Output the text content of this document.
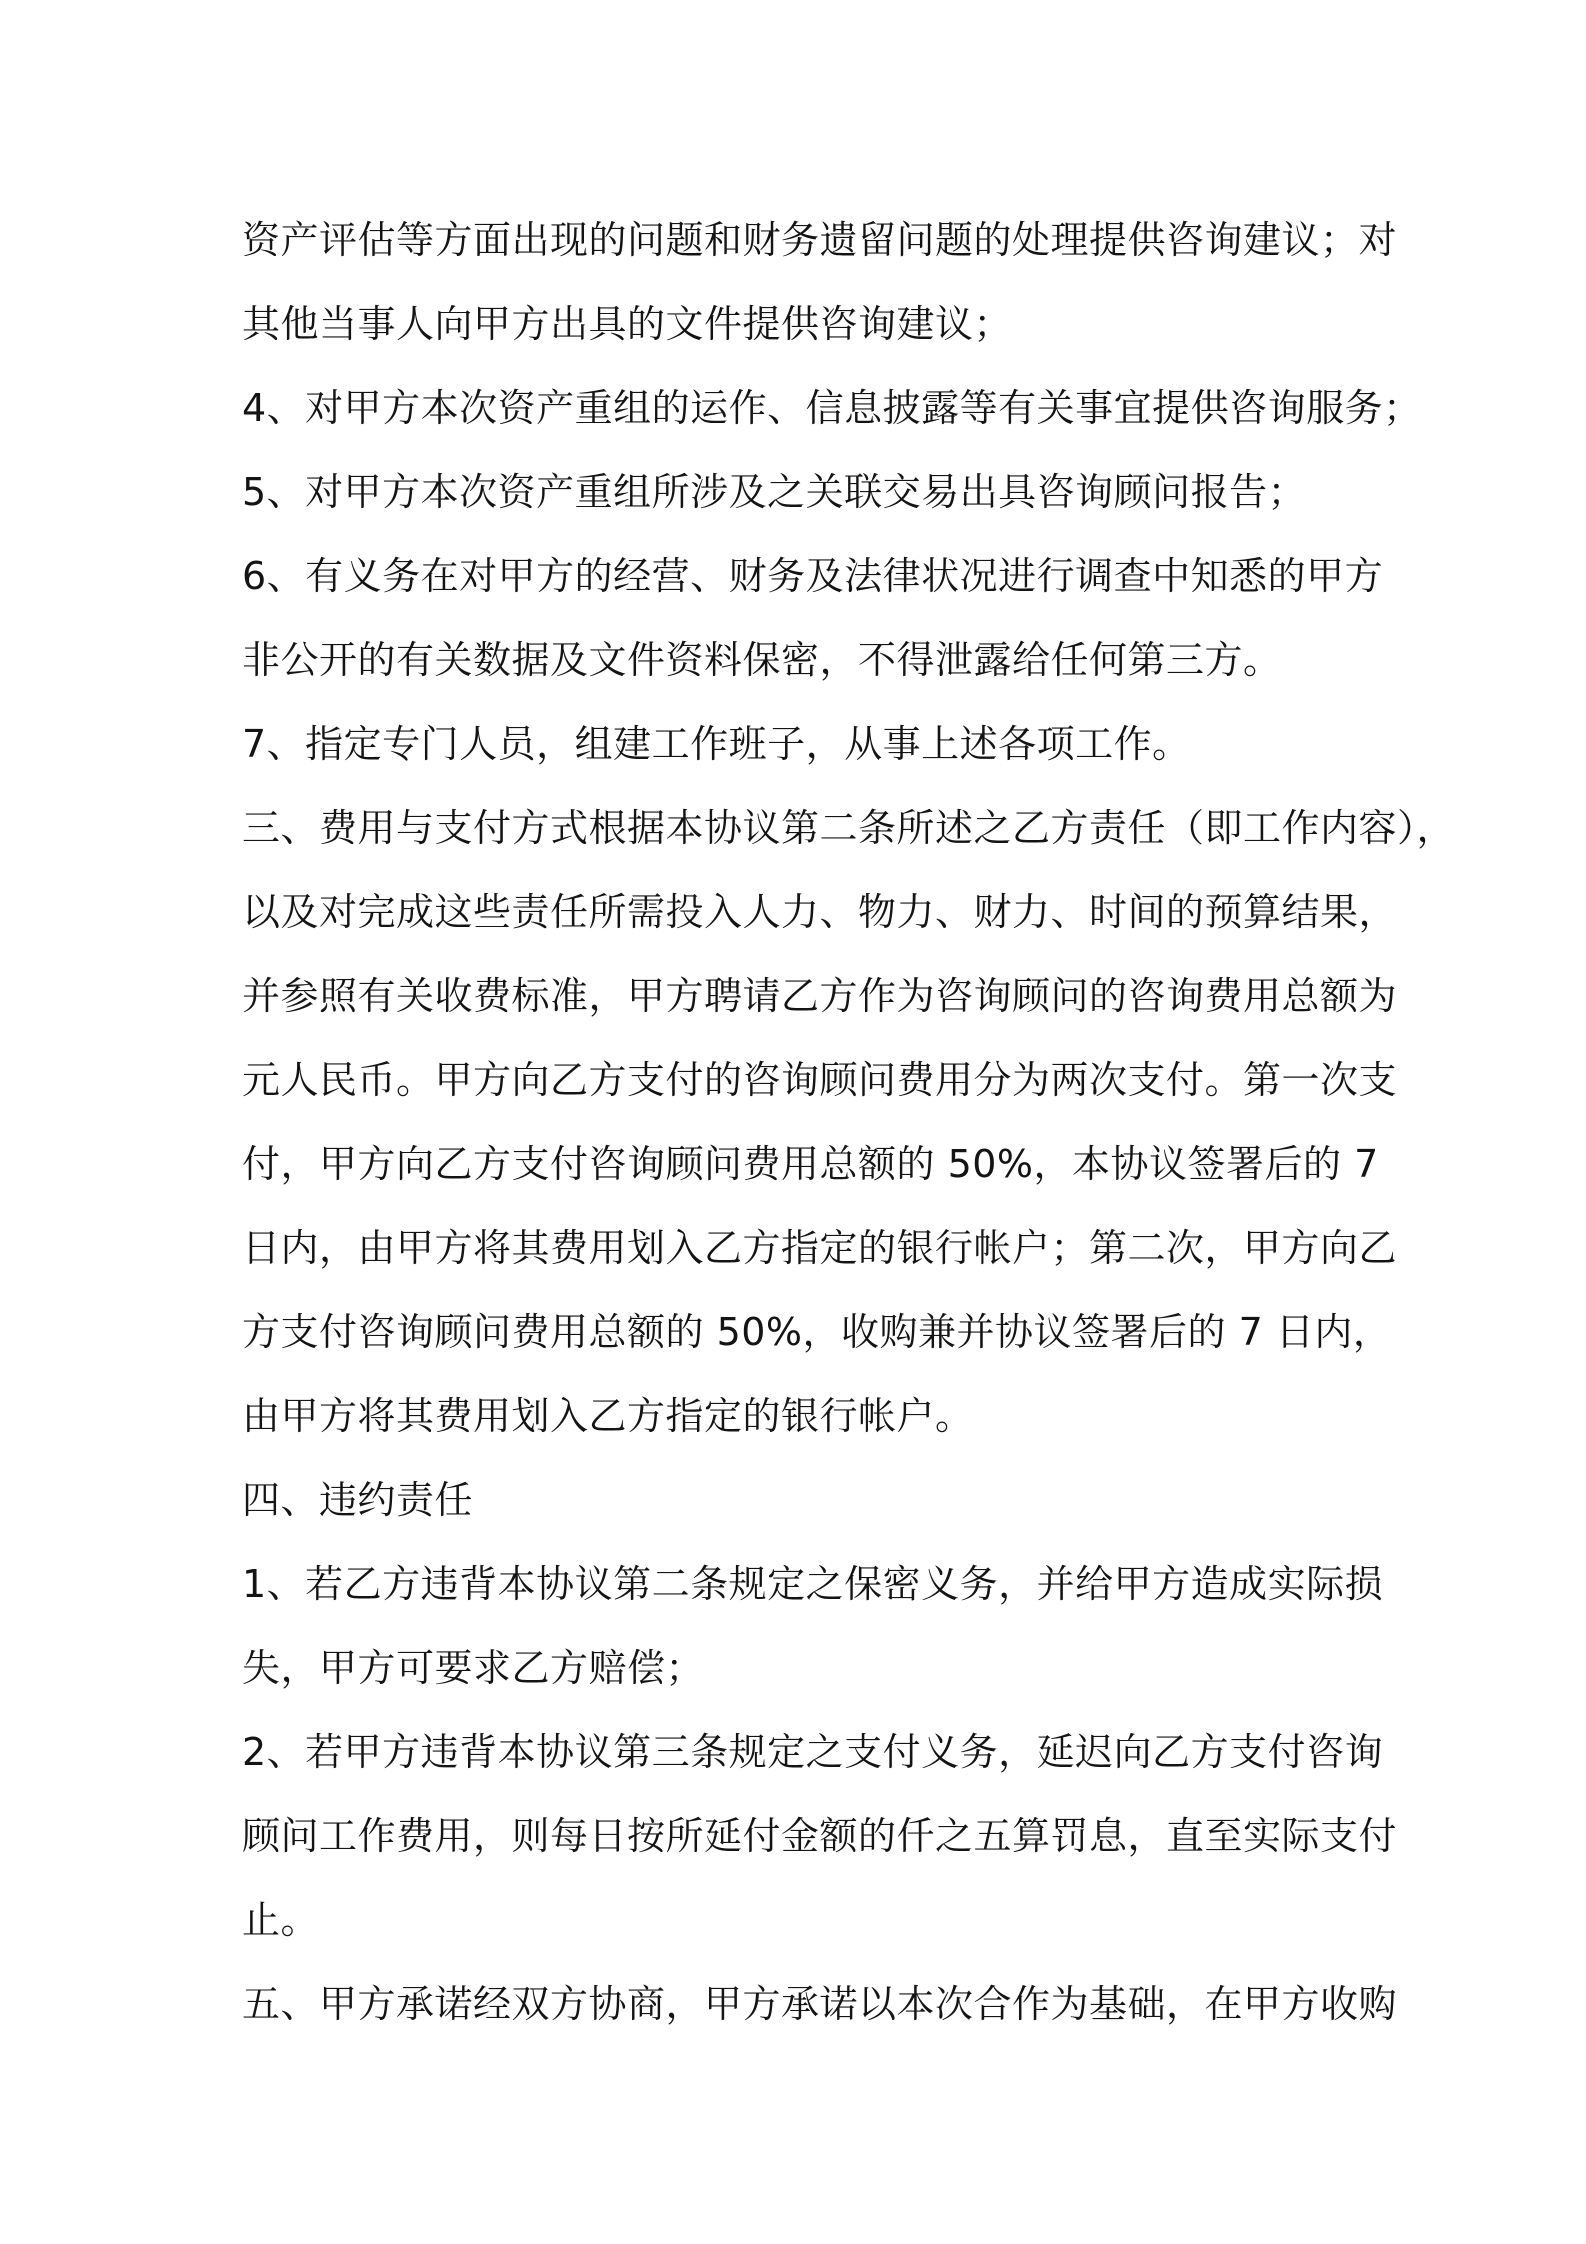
资产评估等方面出现的问题和财务遗留问题的处理提供咨询建议；对
其他当事人向甲方出具的文件提供咨询建议；
4、对甲方本次资产重组的运作、信息披露等有关事宜提供咨询服务；
5、对甲方本次资产重组所涉及之关联交易出具咨询顾问报告；
6、有义务在对甲方的经营、财务及法律状况进行调查中知悉的甲方
非公开的有关数据及文件资料保密，不得泄露给任何第三方。
7、指定专门人员，组建工作班子，从事上述各项工作。
三、费用与支付方式根据本协议第二条所述之乙方责任（即工作内容），
以及对完成这些责任所需投入人力、物力、财力、时间的预算结果，
并参照有关收费标准，甲方聘请乙方作为咨询顾问的咨询费用总额为
元人民币。甲方向乙方支付的咨询顾问费用分为两次支付。第一次支
付，甲方向乙方支付咨询顾问费用总额的 50%，本协议签署后的 7
日内，由甲方将其费用划入乙方指定的银行帐户；第二次，甲方向乙
方支付咨询顾问费用总额的 50%，收购兼并协议签署后的 7 日内，
由甲方将其费用划入乙方指定的银行帐户。
四、违约责任
1、若乙方违背本协议第二条规定之保密义务，并给甲方造成实际损
失，甲方可要求乙方赔偿；
2、若甲方违背本协议第三条规定之支付义务，延迟向乙方支付咨询
顾问工作费用，则每日按所延付金额的仟之五算罚息，直至实际支付
止。
五、甲方承诺经双方协商，甲方承诺以本次合作为基础，在甲方收购
